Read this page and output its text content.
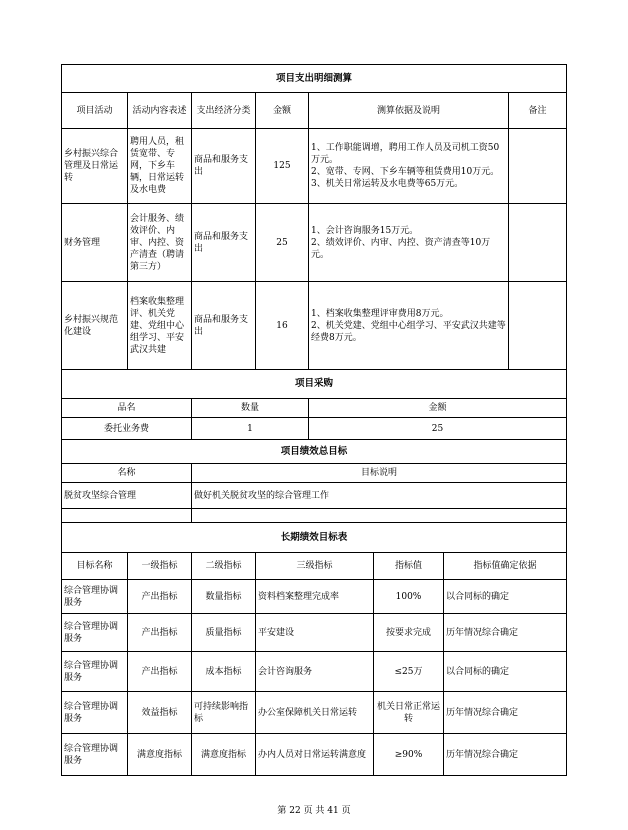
项目支出明细测算					
项目活动	活动内容表述	支出经济分类	金额	测算依据及说明	备注
乡村振兴综合管理及日常运转	聘用人员，租赁宽带、专网，下乡车辆，日常运转及水电费	商品和服务支出	125	1、工作职能调增，聘用工作人员及司机工资50万元。
2、宽带、专网、下乡车辆等租赁费用10万元。
3、机关日常运转及水电费等65万元。	

财务管理	会计服务、绩效评价、内审、内控、资产清查（聘请第三方）	商品和服务支出	25	1、会计咨询服务15万元。
2、绩效评价、内审、内控、资产清查等10万元。	

乡村振兴规范化建设	档案收集整理评、机关党建、党组中心组学习、平安武汉共建	商品和服务支出	16	1、档案收集整理评审费用8万元。
2、机关党建、党组中心组学习、平安武汉共建等经费8万元。	

项目采购					
品名		数量		金额	
委托业务费		1		25	
项目绩效总目标					
名称		目标说明			
脱贫攻坚综合管理		做好机关脱贫攻坚的综合管理工作			

长期绩效目标表					
目标名称	一级指标	二级指标	三级指标	指标值	指标值确定依据
综合管理协调服务	产出指标	数量指标	资料档案整理完成率	100%	以合同标的确定
综合管理协调服务	产出指标	质量指标	平安建设	按要求完成	历年情况综合确定
综合管理协调服务	产出指标	成本指标	会计咨询服务	≤25万	以合同标的确定
综合管理协调服务	效益指标	可持续影响指标	办公室保障机关日常运转	机关日常正常运转	历年情况综合确定
综合管理协调服务	满意度指标	满意度指标	办内人员对日常运转满意度	≥90%	历年情况综合确定
第 22 页 共 41 页
